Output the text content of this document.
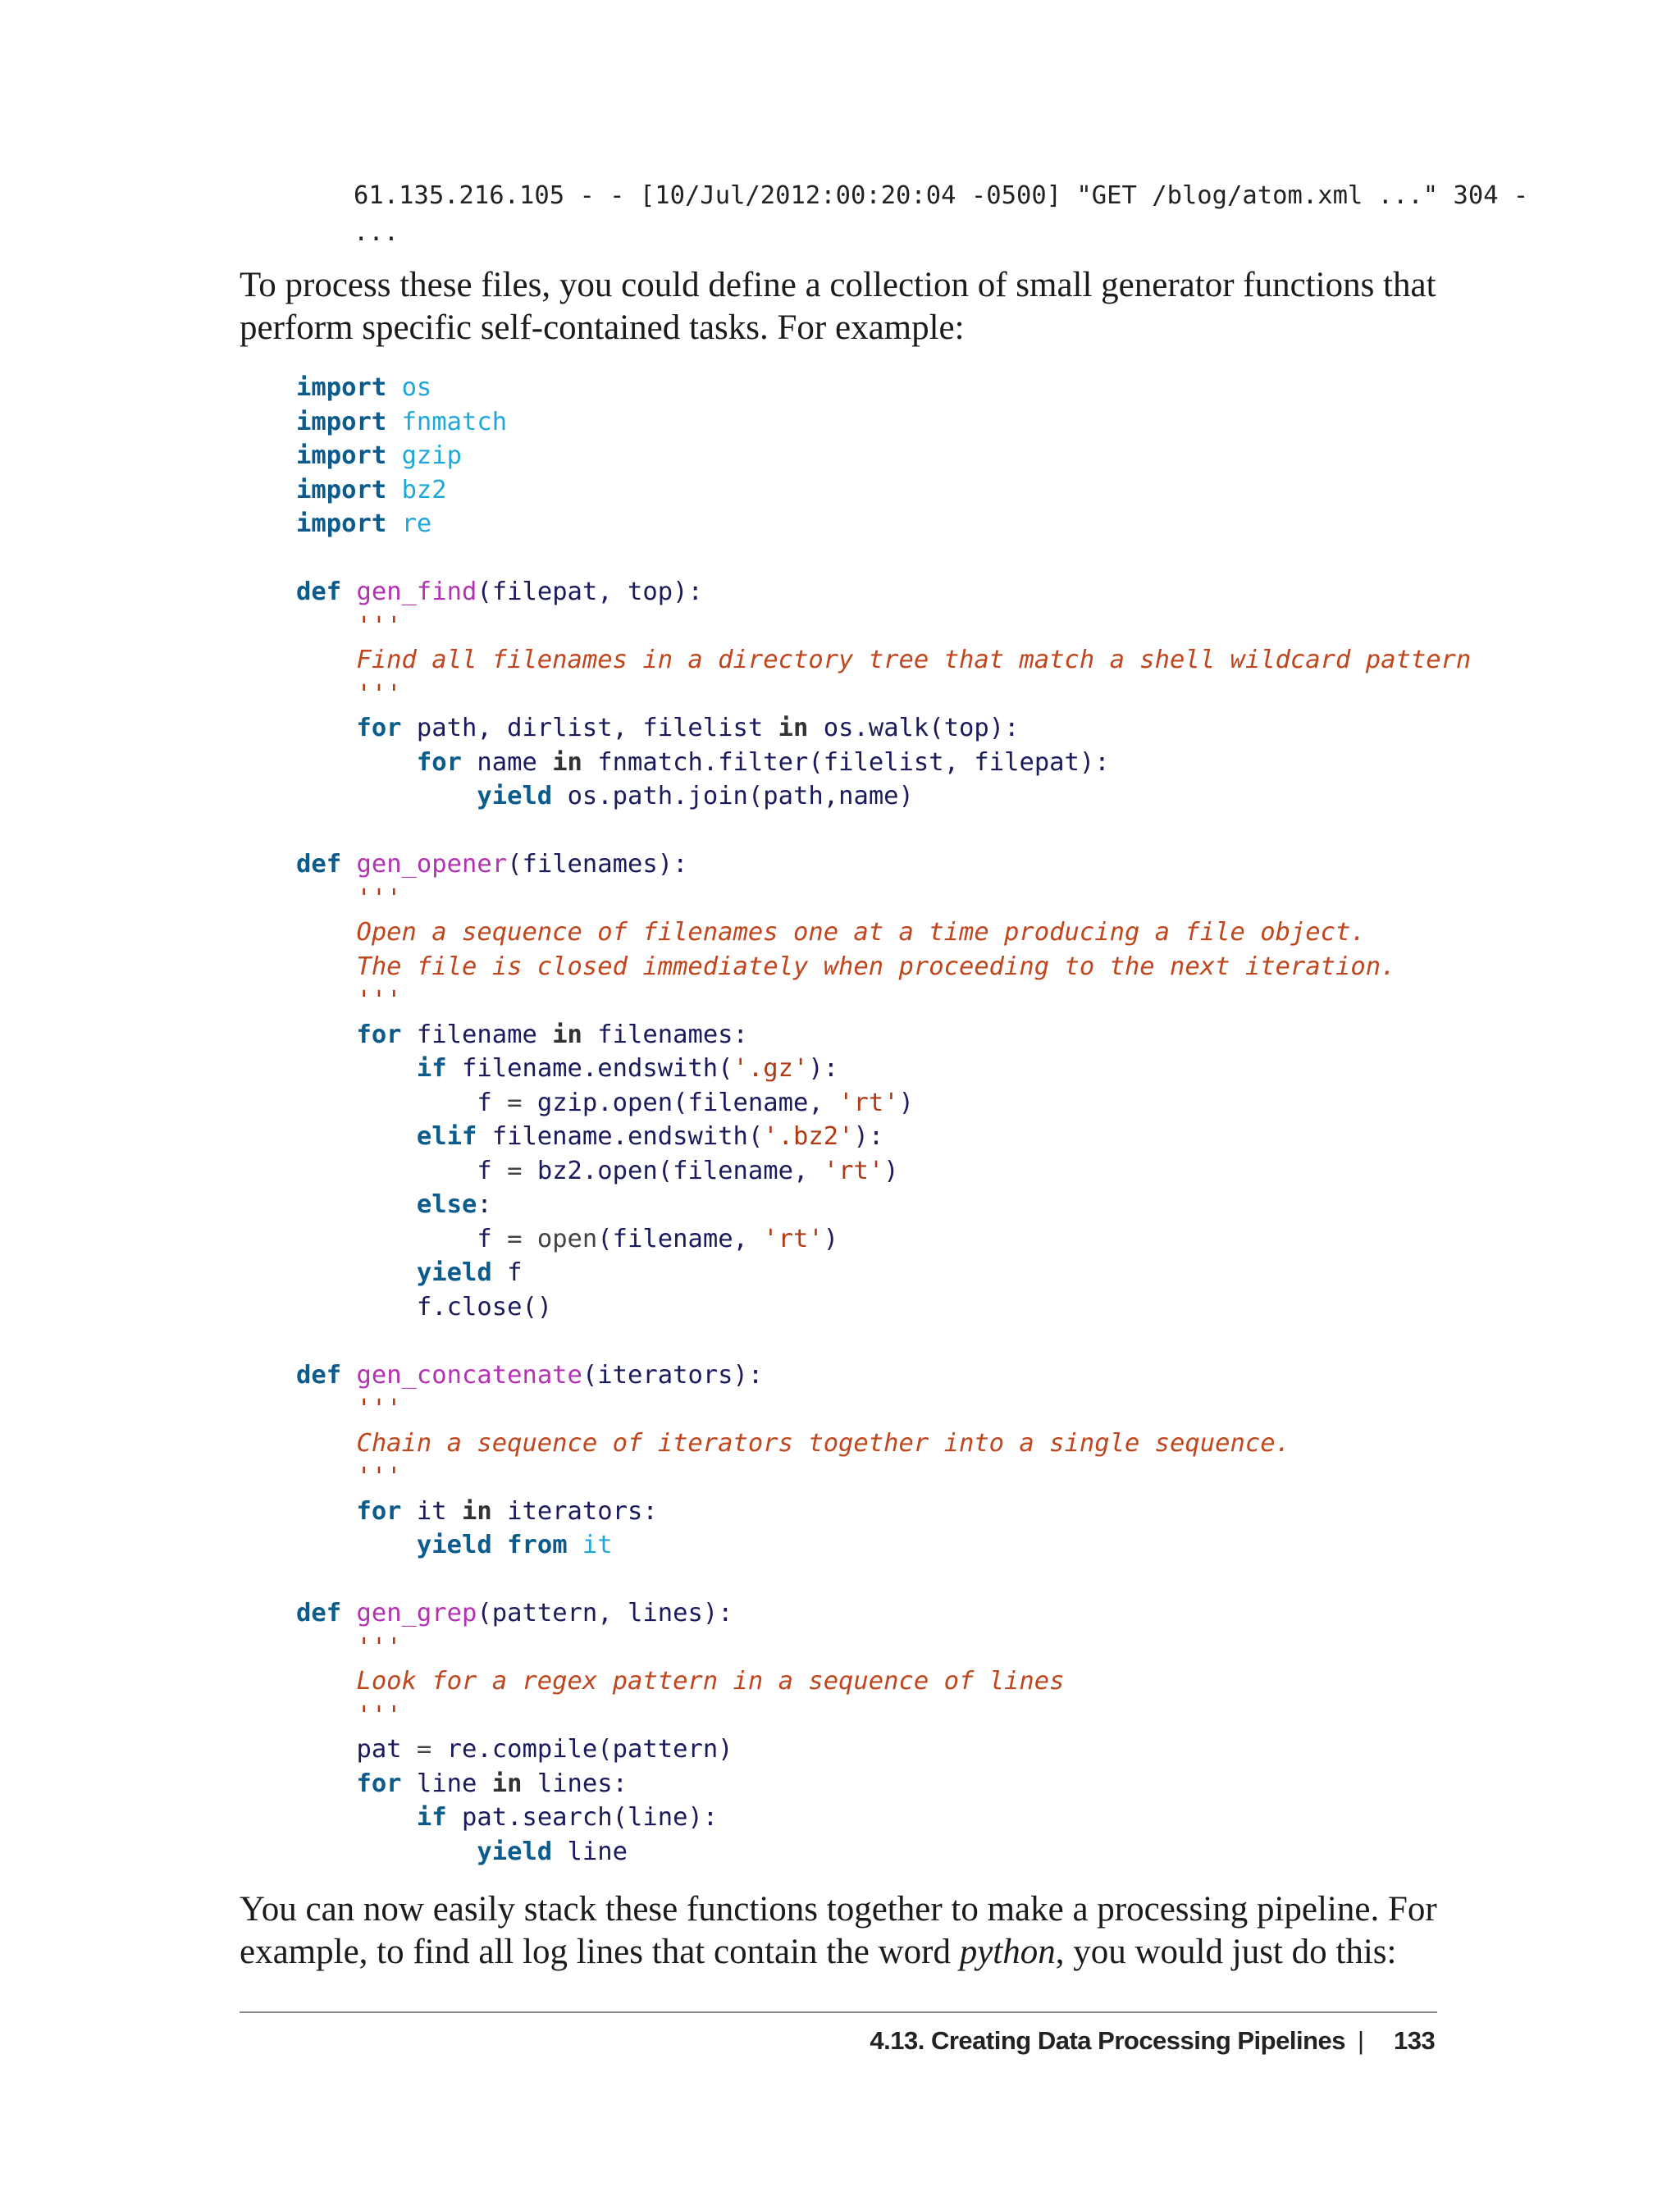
61.135.216.105 - - [10/Jul/2012:00:20:04 -0500] "GET /blog/atom.xml ..." 304 -
...

To process these files, you could define a collection of small generator functions that perform specific self-contained tasks. For example:

import os
import fnmatch
import gzip
import bz2
import re
def gen_find(filepat, top):
'''
Find all filenames in a directory tree that match a shell wildcard pattern
'''
for path, dirlist, filelist in os.walk(top):
for name in fnmatch.filter(filelist, filepat):
yield os.path.join(path,name)
def gen_opener(filenames):
'''
Open a sequence of filenames one at a time producing a file object.
The file is closed immediately when proceeding to the next iteration.
'''
for filename in filenames:
if filename.endswith('.gz'):
f = gzip.open(filename, 'rt')
elif filename.endswith('.bz2'):
f = bz2.open(filename, 'rt')
else:
f = open(filename, 'rt')
yield f
f.close()
def gen_concatenate(iterators):
'''
Chain a sequence of iterators together into a single sequence.
'''
for it in iterators:
yield from it
def gen_grep(pattern, lines):
'''
Look for a regex pattern in a sequence of lines
'''
pat = re.compile(pattern)
for line in lines:
if pat.search(line):
yield line

You can now easily stack these functions together to make a processing pipeline. For example, to find all log lines that contain the word python, you would just do this:

4.13. Creating Data Processing Pipelines | 133
